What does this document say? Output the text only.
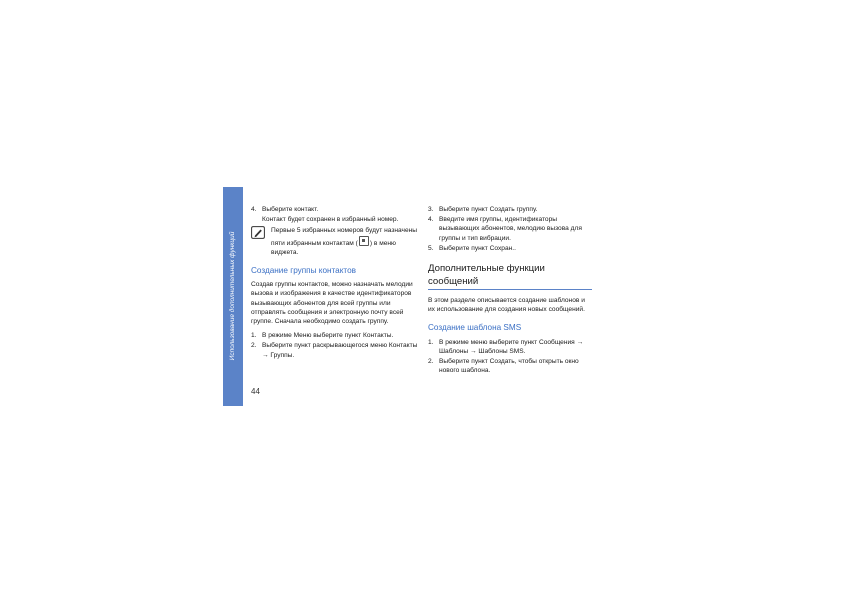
Использование дополнительных функций
44
4. Выберите контакт.
Контакт будет сохранен в избранный номер.
Первые 5 избранных номеров будут назначены пяти избранным контактам ( ) в меню виджета.
Создание группы контактов
Создав группы контактов, можно назначать мелодии вызова и изображения в качестве идентификаторов вызывающих абонентов для всей группы или отправлять сообщения и электронную почту всей группе. Сначала необходимо создать группу.
1. В режиме Меню выберите пункт Контакты.
2. Выберите пункт раскрывающегося меню Контакты → Группы.
3. Выберите пункт Создать группу.
4. Введите имя группы, идентификаторы вызывающих абонентов, мелодию вызова для группы и тип вибрации.
5. Выберите пункт Сохран..
Дополнительные функции сообщений
В этом разделе описывается создание шаблонов и их использование для создания новых сообщений.
Создание шаблона SMS
1. В режиме меню выберите пункт Сообщения → Шаблоны → Шаблоны SMS.
2. Выберите пункт Создать, чтобы открыть окно нового шаблона.
